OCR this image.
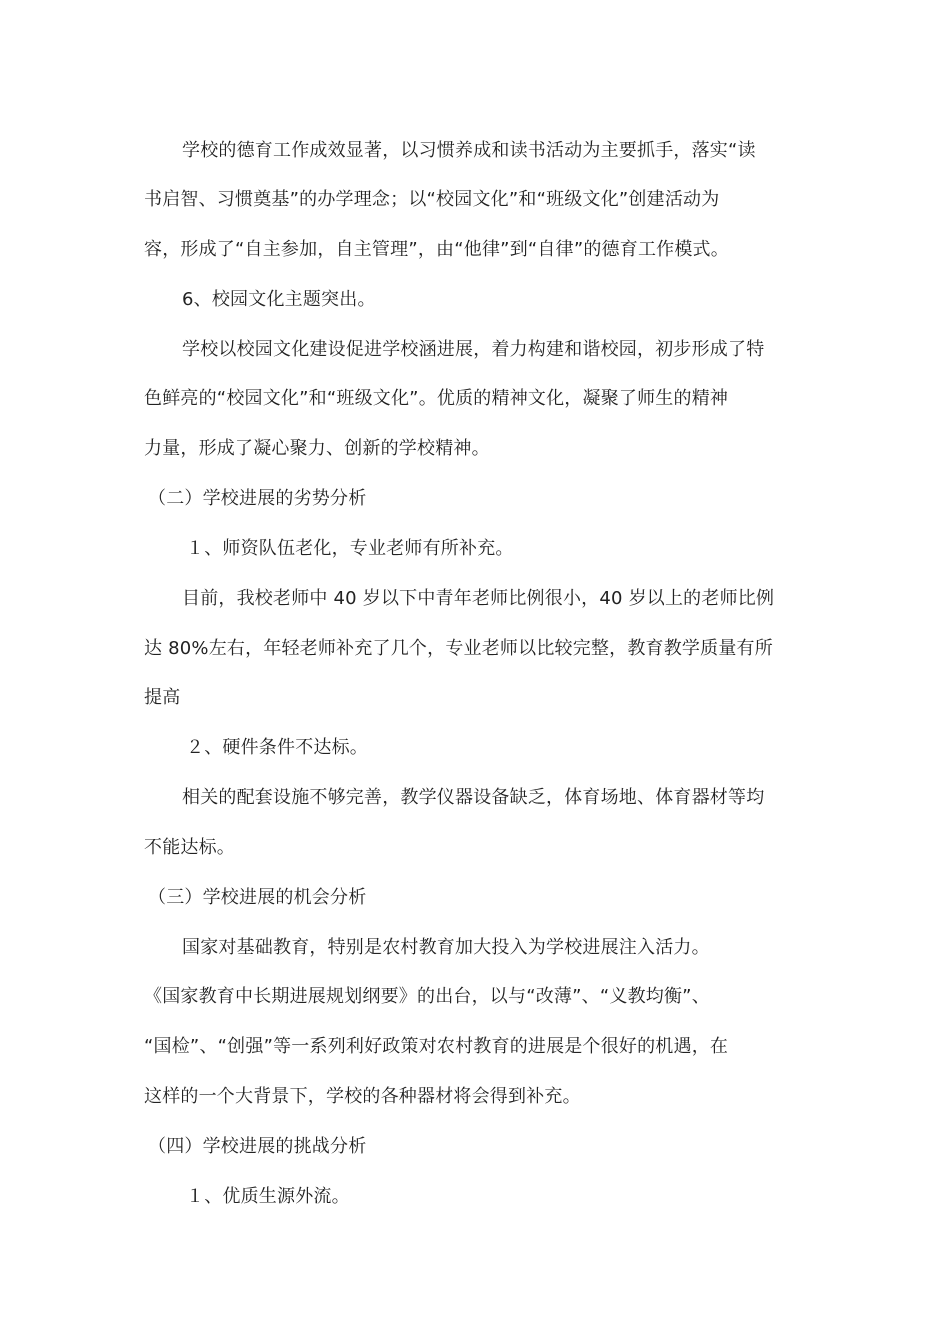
学校的德育工作成效显著，以习惯养成和读书活动为主要抓手，落实“读
书启智、习惯奠基”的办学理念；以“校园文化”和“班级文化”创建活动为
容，形成了“自主参加，自主管理”，由“他律”到“自律”的德育工作模式。
6、校园文化主题突出。
学校以校园文化建设促进学校涵进展，着力构建和谐校园，初步形成了特
色鲜亮的“校园文化”和“班级文化”。优质的精神文化，凝聚了师生的精神
力量，形成了凝心聚力、创新的学校精神。
（二）学校进展的劣势分析
１、师资队伍老化，专业老师有所补充。
目前，我校老师中 40 岁以下中青年老师比例很小，40 岁以上的老师比例
达 80%左右，年轻老师补充了几个，专业老师以比较完整，教育教学质量有所
提高
２、硬件条件不达标。
相关的配套设施不够完善，教学仪器设备缺乏，体育场地、体育器材等均
不能达标。
（三）学校进展的机会分析
国家对基础教育，特别是农村教育加大投入为学校进展注入活力。
《国家教育中长期进展规划纲要》的出台，以与“改薄”、“义教均衡”、
“国检”、“创强”等一系列利好政策对农村教育的进展是个很好的机遇，在
这样的一个大背景下，学校的各种器材将会得到补充。
（四）学校进展的挑战分析
１、优质生源外流。
